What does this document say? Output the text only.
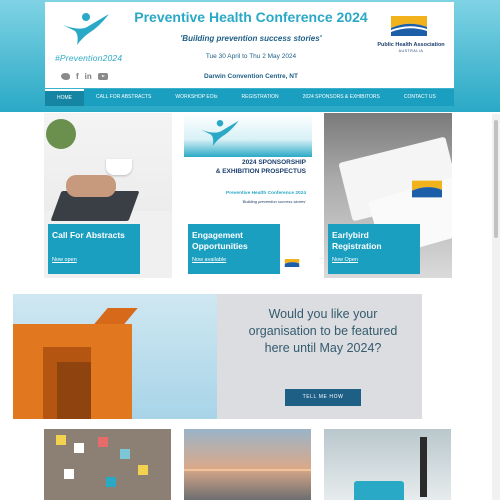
#Prevention2024
f in
Preventive Health Conference 2024
'Building prevention success stories'
Tue 30 April to Thu 2 May 2024
Darwin Convention Centre, NT
Public Health Association
AUSTRALIA
HOME	CALL FOR ABSTRACTS	WORKSHOP EOIs	REGISTRATION	2024 SPONSORS & EXHIBITORS	CONTACT US
Call For Abstracts
Now open
2024 SPONSORSHIP
& EXHIBITION PROSPECTUS
Preventive Health Conference 2024
'Building prevention success stories'
Engagement Opportunities
Now available
Earlybird Registration
Now Open
Would you like your organisation to be featured here until May 2024?
TELL ME HOW
